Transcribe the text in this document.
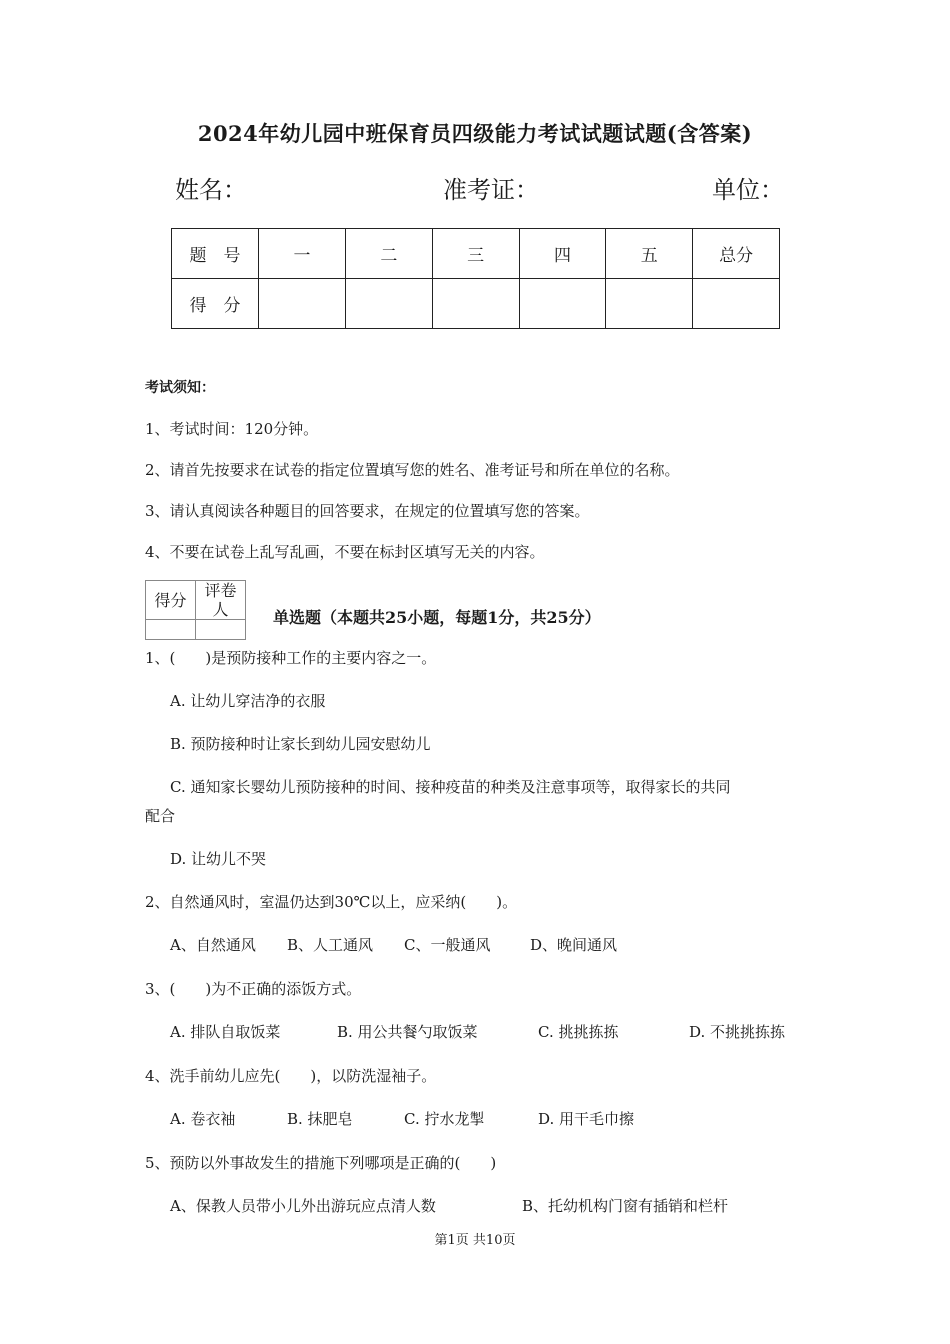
2024年幼儿园中班保育员四级能力考试试题试题(含答案)
姓名：	准考证：	单位：
题　号	一	二	三	四	五	总分
得　分						
考试须知：
1、考试时间：120分钟。
2、请首先按要求在试卷的指定位置填写您的姓名、准考证号和所在单位的名称。
3、请认真阅读各种题目的回答要求，在规定的位置填写您的答案。
4、不要在试卷上乱写乱画，不要在标封区填写无关的内容。
得分	评卷人
		单选题（本题共25小题，每题1分，共25分）
1、(　　)是预防接种工作的主要内容之一。
A. 让幼儿穿洁净的衣服
B. 预防接种时让家长到幼儿园安慰幼儿
C. 通知家长婴幼儿预防接种的时间、接种疫苗的种类及注意事项等，取得家长的共同
配合
D. 让幼儿不哭
2、自然通风时，室温仍达到30℃以上，应采纳(　　)。
A、自然通风 B、人工通风 C、一般通风	D、晚间通风
3、(　　)为不正确的添饭方式。
A. 排队自取饭菜	B. 用公共餐勺取饭菜	C. 挑挑拣拣	D. 不挑挑拣拣
4、洗手前幼儿应先(　　)，以防洗湿袖子。
A. 卷衣袖	B. 抹肥皂	C. 拧水龙掣	D. 用干毛巾擦
5、预防以外事故发生的措施下列哪项是正确的(　　)
A、保教人员带小儿外出游玩应点清人数	B、托幼机构门窗有插销和栏杆
第1页 共10页
